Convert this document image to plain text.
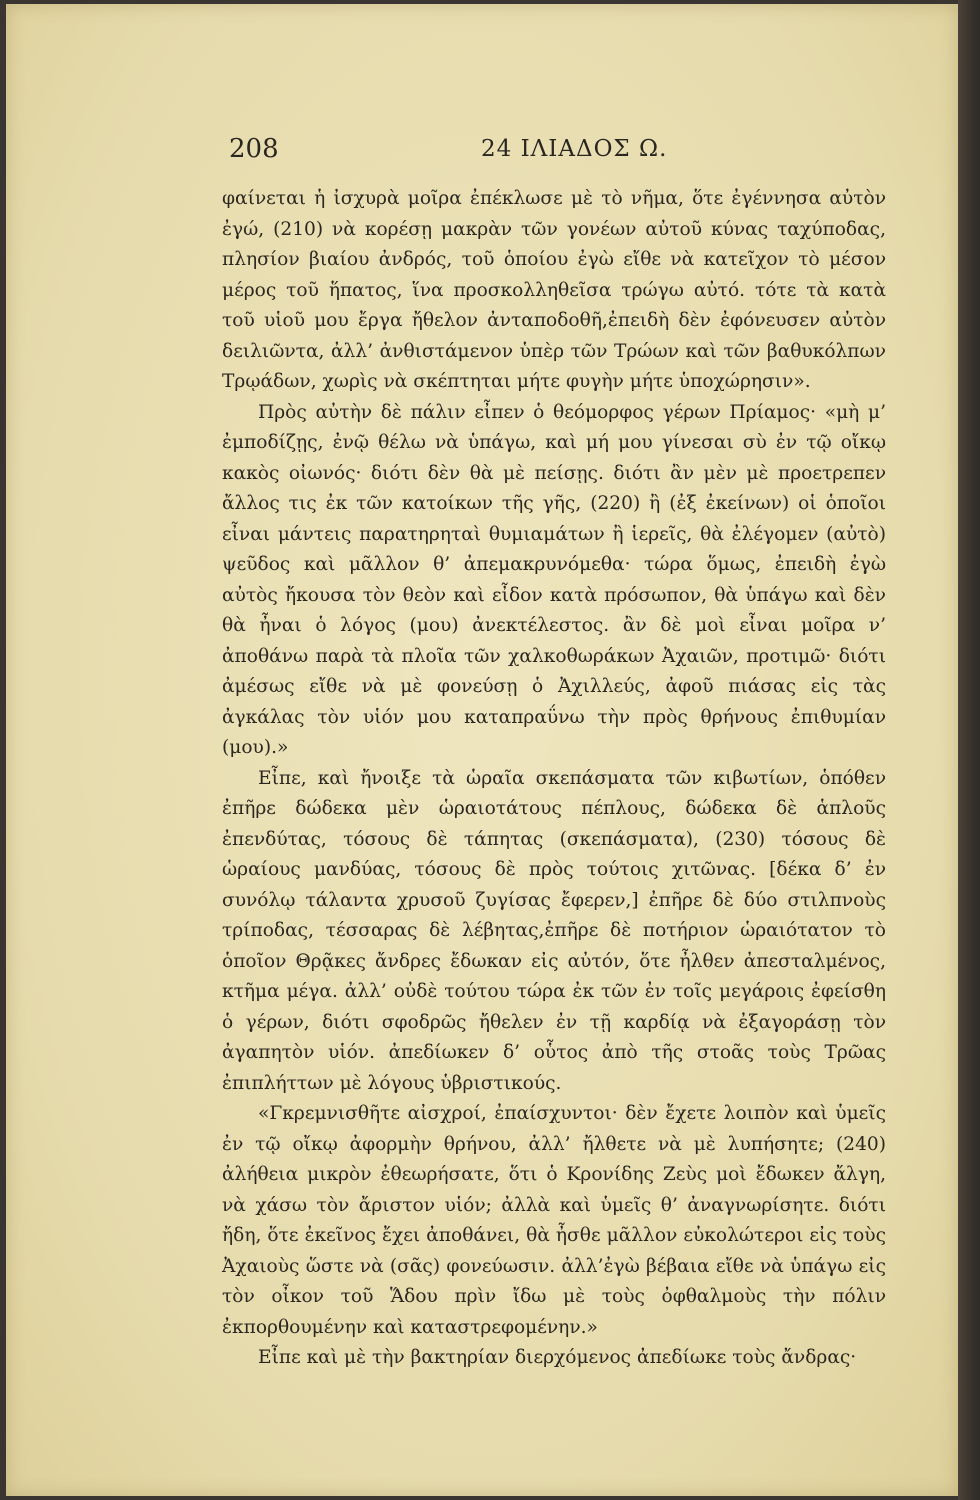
208	24 ΙΛΙΑΔΟΣ Ω.

φαίνεται ἡ ἰσχυρὰ μοῖρα ἐπέκλωσε μὲ τὸ νῆμα, ὅτε ἐγέννησα αὐτὸν ἐγώ, (210) νὰ κορέσῃ μακρὰν τῶν γονέων αὐτοῦ κύνας ταχύποδας, πλησίον βιαίου ἀνδρός, τοῦ ὁποίου ἐγὼ εἴθε νὰ κατεῖχον τὸ μέσον μέρος τοῦ ἥπατος, ἵνα προσκολληθεῖσα τρώγω αὐτό. τότε τὰ κατὰ τοῦ υἱοῦ μου ἔργα ἤθελον ἀνταποδοθῆ,ἐπειδὴ δὲν ἐφόνευσεν αὐτὸν δειλιῶντα, ἀλλ’ ἀνθιστάμενον ὑπὲρ τῶν Τρώων καὶ τῶν βαθυκόλπων Τρῳάδων, χωρὶς νὰ σκέπτηται μήτε φυγὴν μήτε ὑποχώρησιν».

Πρὸς αὐτὴν δὲ πάλιν εἶπεν ὁ θεόμορφος γέρων Πρίαμος· «μὴ μ’ ἐμποδίζῃς, ἐνῷ θέλω νὰ ὑπάγω, καὶ μή μου γίνεσαι σὺ ἐν τῷ οἴκῳ κακὸς οἰωνός· διότι δὲν θὰ μὲ πείσῃς. διότι ἂν μὲν μὲ προετρεπεν ἄλλος τις ἐκ τῶν κατοίκων τῆς γῆς, (220) ἢ (ἐξ ἐκείνων) οἱ ὁποῖοι εἶναι μάντεις παρατηρηταὶ θυμιαμάτων ἢ ἱερεῖς, θὰ ἐλέγομεν (αὐτὸ) ψεῦδος καὶ μᾶλλον θ’ ἀπεμακρυνόμεθα· τώρα ὅμως, ἐπειδὴ ἐγὼ αὐτὸς ἤκουσα τὸν θεὸν καὶ εἶδον κατὰ πρόσωπον, θὰ ὑπάγω καὶ δὲν θὰ ἦναι ὁ λόγος (μου) ἀνεκτέλεστος. ἂν δὲ μοὶ εἶναι μοῖρα ν’ ἀποθάνω παρὰ τὰ πλοῖα τῶν χαλκοθωράκων Ἀχαιῶν, προτιμῶ· διότι ἀμέσως εἴθε νὰ μὲ φονεύσῃ ὁ Ἀχιλλεύς, ἀφοῦ πιάσας εἰς τὰς ἀγκάλας τὸν υἱόν μου καταπραΰνω τὴν πρὸς θρήνους ἐπιθυμίαν (μου).»

Εἶπε, καὶ ἤνοιξε τὰ ὡραῖα σκεπάσματα τῶν κιβωτίων, ὁπόθεν ἐπῆρε δώδεκα μὲν ὡραιοτάτους πέπλους, δώδεκα δὲ ἁπλοῦς ἐπενδύτας, τόσους δὲ τάπητας (σκεπάσματα), (230) τόσους δὲ ὡραίους μανδύας, τόσους δὲ πρὸς τούτοις χιτῶνας. [δέκα δ’ ἐν συνόλῳ τάλαντα χρυσοῦ ζυγίσας ἔφερεν,] ἐπῆρε δὲ δύο στιλπνοὺς τρίποδας, τέσσαρας δὲ λέβητας,ἐπῆρε δὲ ποτήριον ὡραιότατον τὸ ὁποῖον Θρᾷκες ἄνδρες ἔδωκαν εἰς αὐτόν, ὅτε ἦλθεν ἀπεσταλμένος, κτῆμα μέγα. ἀλλ’ οὐδὲ τούτου τώρα ἐκ τῶν ἐν τοῖς μεγάροις ἐφείσθη ὁ γέρων, διότι σφοδρῶς ἤθελεν ἐν τῇ καρδίᾳ νὰ ἐξαγοράσῃ τὸν ἀγαπητὸν υἱόν. ἀπεδίωκεν δ’ οὗτος ἀπὸ τῆς στοᾶς τοὺς Τρῶας ἐπιπλήττων μὲ λόγους ὑβριστικούς.

«Γκρεμνισθῆτε αἰσχροί, ἐπαίσχυντοι· δὲν ἔχετε λοιπὸν καὶ ὑμεῖς ἐν τῷ οἴκῳ ἀφορμὴν θρήνου, ἀλλ’ ἤλθετε νὰ μὲ λυπήσητε; (240) ἀλήθεια μικρὸν ἐθεωρήσατε, ὅτι ὁ Κρονίδης Ζεὺς μοὶ ἔδωκεν ἄλγη, νὰ χάσω τὸν ἄριστον υἱόν; ἀλλὰ καὶ ὑμεῖς θ’ ἀναγνωρίσητε. διότι ἤδη, ὅτε ἐκεῖνος ἔχει ἀποθάνει, θὰ ἦσθε μᾶλλον εὐκολώτεροι εἰς τοὺς Ἀχαιοὺς ὥστε νὰ (σᾶς) φονεύωσιν. ἀλλ’ἐγὼ βέβαια εἴθε νὰ ὑπάγω εἰς τὸν οἶκον τοῦ Ἅδου πρὶν ἴδω μὲ τοὺς ὀφθαλμοὺς τὴν πόλιν ἐκπορθουμένην καὶ καταστρεφομένην.»

Εἶπε καὶ μὲ τὴν βακτηρίαν διερχόμενος ἀπεδίωκε τοὺς ἄνδρας·
